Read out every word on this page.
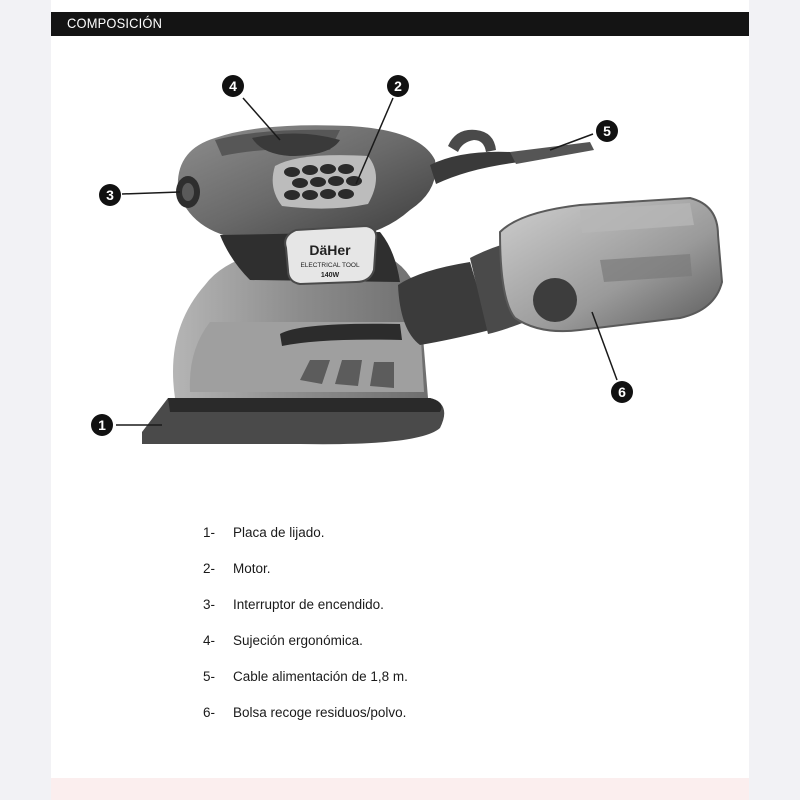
COMPOSICIÓN
DäHer
ELECTRICAL TOOL
140W
1
2
3
4
5
6
1-	Placa de lijado.
2-	Motor.
3-	Interruptor de encendido.
4-	Sujeción ergonómica.
5-	Cable alimentación de 1,8 m.
6-	Bolsa recoge residuos/polvo.
